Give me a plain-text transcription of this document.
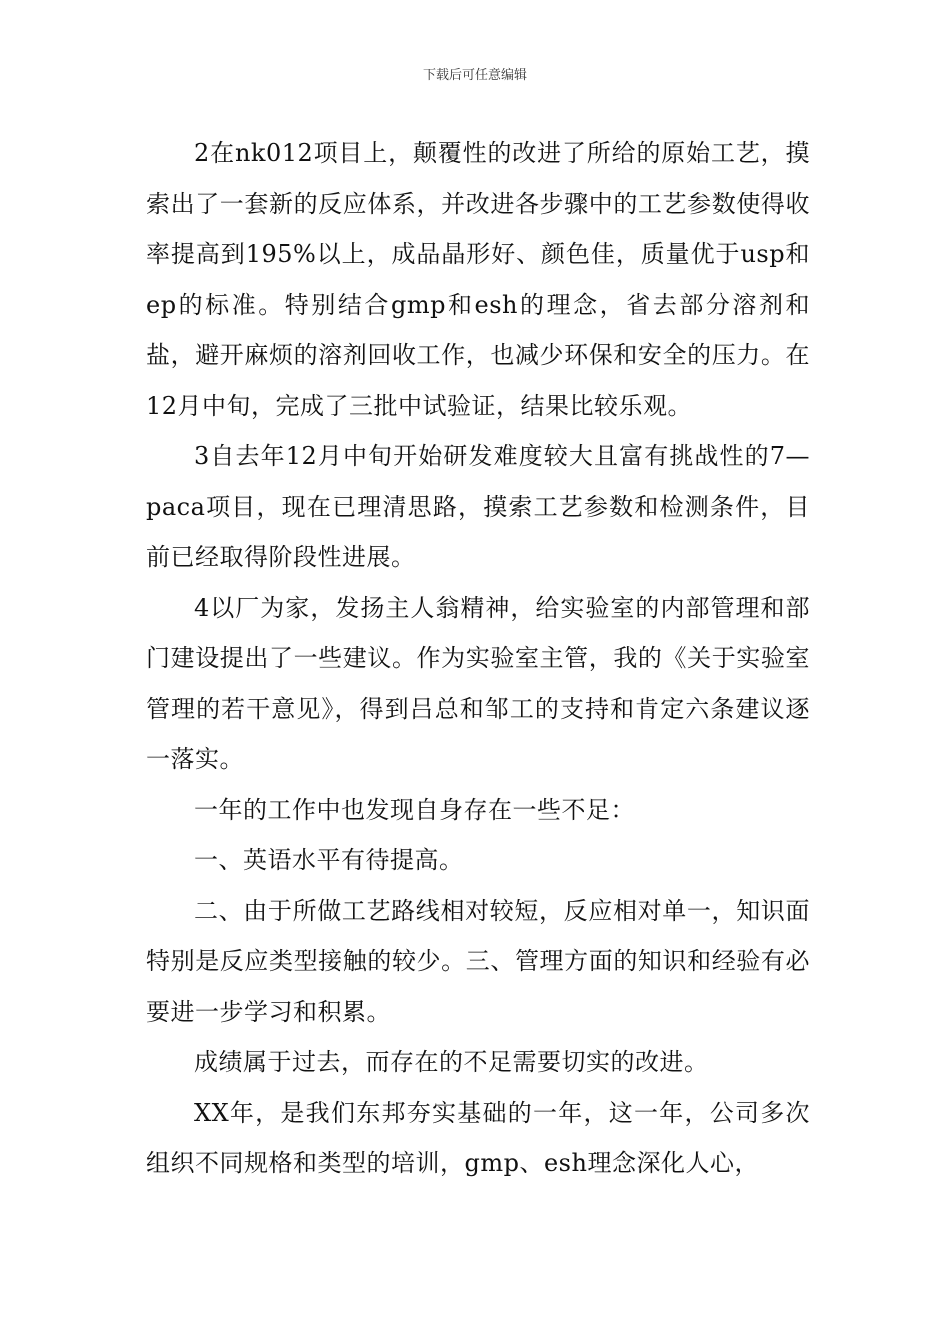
下载后可任意编辑

2在nk012项目上，颠覆性的改进了所给的原始工艺，摸索出了一套新的反应体系，并改进各步骤中的工艺参数使得收率提高到195%以上，成品晶形好、颜色佳，质量优于usp和ep的标准。特别结合gmp和esh的理念，省去部分溶剂和盐，避开麻烦的溶剂回收工作，也减少环保和安全的压力。在12月中旬，完成了三批中试验证，结果比较乐观。

3自去年12月中旬开始研发难度较大且富有挑战性的7—paca项目，现在已理清思路，摸索工艺参数和检测条件，目前已经取得阶段性进展。

4以厂为家，发扬主人翁精神，给实验室的内部管理和部门建设提出了一些建议。作为实验室主管，我的《关于实验室管理的若干意见》，得到吕总和邹工的支持和肯定六条建议逐一落实。

一年的工作中也发现自身存在一些不足：

一、英语水平有待提高。

二、由于所做工艺路线相对较短，反应相对单一，知识面特别是反应类型接触的较少。三、管理方面的知识和经验有必要进一步学习和积累。

成绩属于过去，而存在的不足需要切实的改进。

XX年，是我们东邦夯实基础的一年，这一年，公司多次组织不同规格和类型的培训，gmp、esh理念深化人心，
